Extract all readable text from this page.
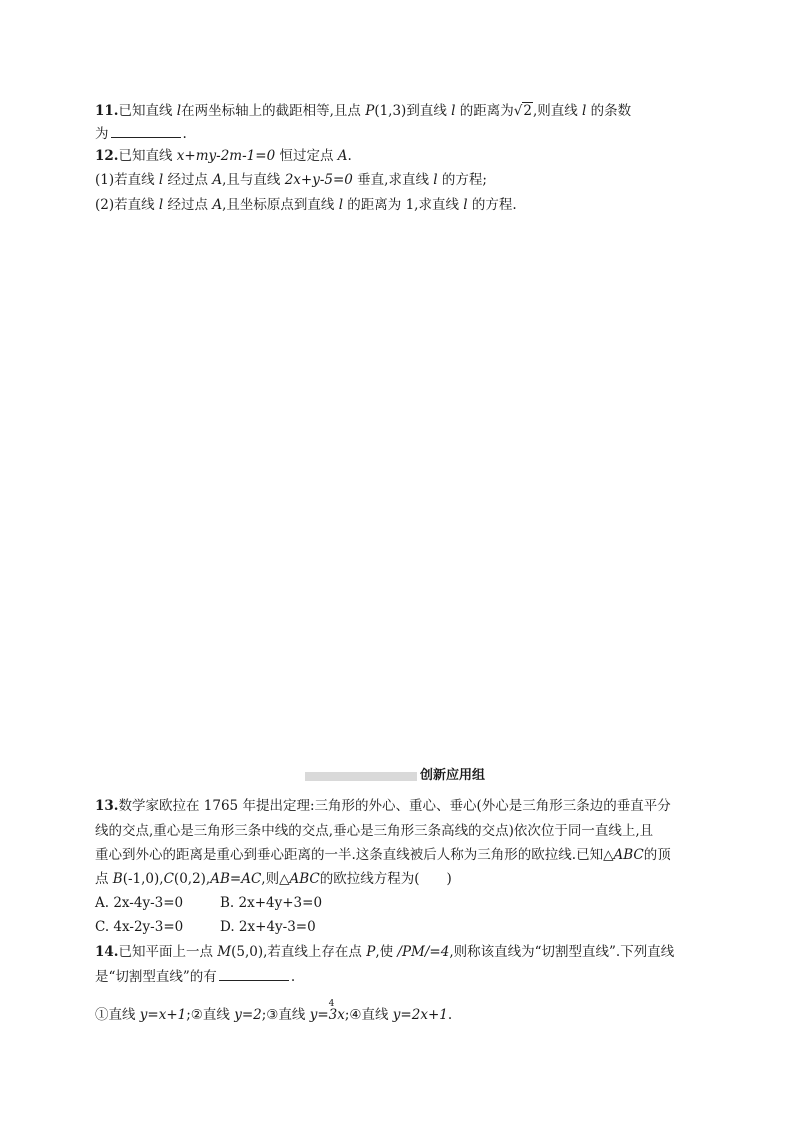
11.已知直线 l在两坐标轴上的截距相等,且点 P(1,3)到直线 l 的距离为√2,则直线 l 的条数
为	.
12.已知直线 x+my-2m-1=0 恒过定点 A.
(1)若直线 l 经过点 A,且与直线 2x+y-5=0 垂直,求直线 l 的方程;
(2)若直线 l 经过点 A,且坐标原点到直线 l 的距离为 1,求直线 l 的方程.
创新应用组
13.数学家欧拉在 1765 年提出定理:三角形的外心、重心、垂心(外心是三角形三条边的垂直平分
线的交点,重心是三角形三条中线的交点,垂心是三角形三条高线的交点)依次位于同一直线上,且
重心到外心的距离是重心到垂心距离的一半.这条直线被后人称为三角形的欧拉线.已知△ABC的顶
点 B(-1,0),C(0,2),AB=AC,则△ABC的欧拉线方程为(　　)
A. 2x-4y-3=0	B. 2x+4y+3=0
C. 4x-2y-3=0	D. 2x+4y-3=0
14.已知平面上一点 M(5,0),若直线上存在点 P,使 /PM/=4,则称该直线为“切割型直线”.下列直线
是“切割型直线”的有	.
①直线 y=x+1;②直线 y=2;③直线 y=
4
3x;④直线 y=2x+1.
